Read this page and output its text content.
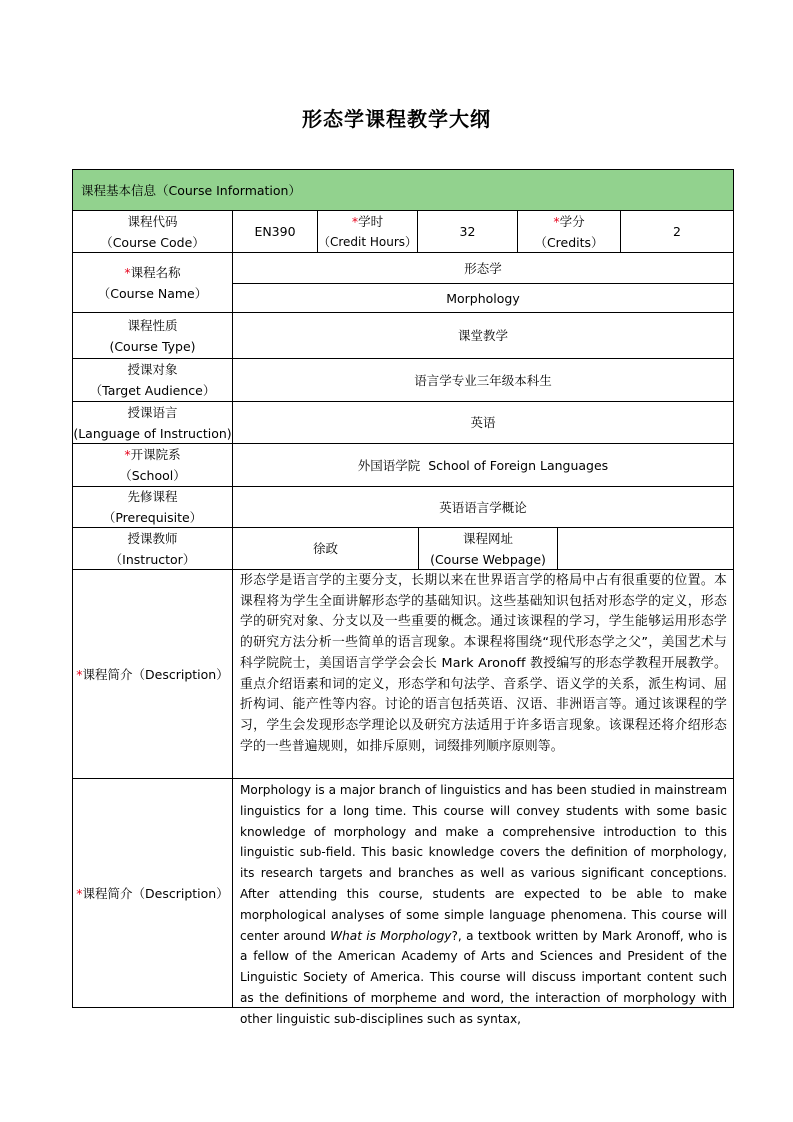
形态学课程教学大纲
课程基本信息（Course Information）
课程代码
（Course Code）
EN390
*学时
（Credit Hours）
32
*学分
（Credits）
2
*课程名称
（Course Name）
形态学
Morphology
课程性质
(Course Type)
课堂教学
授课对象
（Target Audience）
语言学专业三年级本科生
授课语言
(Language of Instruction)
英语
*开课院系
（School）
外国语学院  School of Foreign Languages
先修课程
（Prerequisite）
英语语言学概论
授课教师
（Instructor）
徐政
课程网址
(Course Webpage)
*课程简介（Description）
形态学是语言学的主要分支，长期以来在世界语言学的格局中占有很重要的位置。本课程将为学生全面讲解形态学的基础知识。这些基础知识包括对形态学的定义，形态学的研究对象、分支以及一些重要的概念。通过该课程的学习，学生能够运用形态学的研究方法分析一些简单的语言现象。本课程将围绕“现代形态学之父”，美国艺术与科学院院士，美国语言学学会会长 Mark Aronoff 教授编写的形态学教程开展教学。重点介绍语素和词的定义，形态学和句法学、音系学、语义学的关系，派生构词、屈折构词、能产性等内容。讨论的语言包括英语、汉语、非洲语言等。通过该课程的学习，学生会发现形态学理论以及研究方法适用于许多语言现象。该课程还将介绍形态学的一些普遍规则，如排斥原则，词缀排列顺序原则等。
*课程简介（Description）
Morphology is a major branch of linguistics and has been studied in mainstream linguistics for a long time. This course will convey students with some basic knowledge of morphology and make a comprehensive introduction to this linguistic sub-field. This basic knowledge covers the definition of morphology, its research targets and branches as well as various significant conceptions. After attending this course, students are expected to be able to make morphological analyses of some simple language phenomena. This course will center around What is Morphology?, a textbook written by Mark Aronoff, who is a fellow of the American Academy of Arts and Sciences and President of the Linguistic Society of America. This course will discuss important content such as the definitions of morpheme and word, the interaction of morphology with other linguistic sub-disciplines such as syntax,
